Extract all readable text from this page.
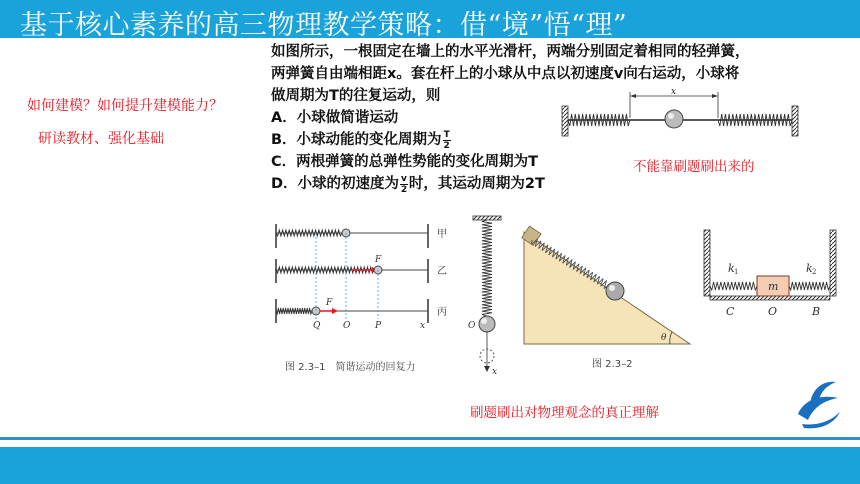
基于核心素养的高三物理教学策略：借“境”悟“理”
如何建模？如何提升建模能力？
研读教材、强化基础
如图所示，一根固定在墙上的水平光滑杆，两端分别固定着相同的轻弹簧，
两弹簧自由端相距x。套在杆上的小球从中点以初速度v向右运动，小球将
做周期为T的往复运动，则
A．小球做简谐运动
B．小球动能的变化周期为 $\frac{T}{2}$
C．两根弹簧的总弹性势能的变化周期为T
D．小球的初速度为 $\frac{v}{2}$ 时，其运动周期为2T
x
不能靠刷题刷出来的
甲
F
乙
F
丙
Q	O	P	x
图 2.3–1　简谐运动的回复力
O
x
θ
图 2.3–2
m
k 1	k 2
C	O	B
刷题刷出对物理观念的真正理解
